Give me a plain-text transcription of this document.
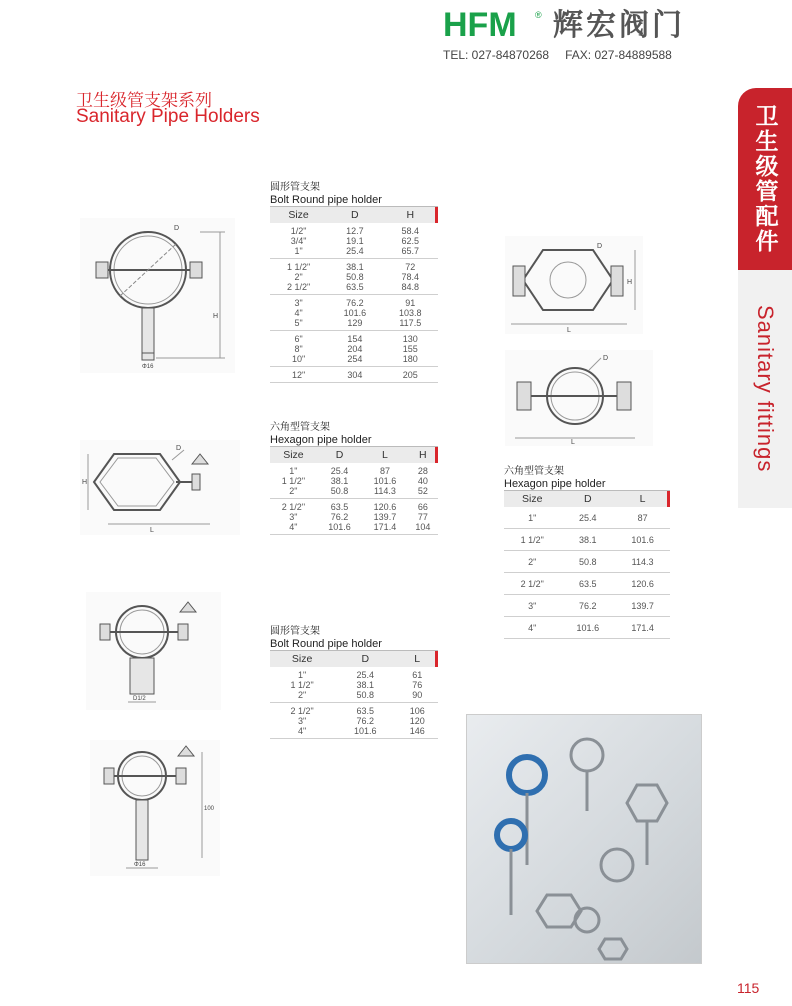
HFM ® 辉宏阀门
TEL: 027-84870268 FAX: 027-84889588
卫生级管支架系列
Sanitary Pipe Holders	卫生级管配件
Sanitary fittings
D
H
Φ16
D
H
L
D1/2
100
Φ16
D
H
L
D
L
圆形管支架
Bolt Round pipe holder
Size	D	H
1/2"	12.7	58.4
3/4"	19.1	62.5
1"	25.4	65.7
1 1/2"	38.1	72
2"	50.8	78.4
2 1/2"	63.5	84.8
3"	76.2	91
4"	101.6	103.8
5"	129	117.5
6"	154	130
8"	204	155
10"	254	180
12"	304	205
六角型管支架
Hexagon pipe holder
Size	D	L	H
1"	25.4	87	28
1 1/2"	38.1	101.6	40
2"	50.8	114.3	52
2 1/2"	63.5	120.6	66
3"	76.2	139.7	77
4"	101.6	171.4	104
圆形管支架
Bolt Round pipe holder
Size	D	L
1"	25.4	61
1 1/2"	38.1	76
2"	50.8	90
2 1/2"	63.5	106
3"	76.2	120
4"	101.6	146
六角型管支架
Hexagon pipe holder
Size	D	L
1"	25.4	87
1 1/2"	38.1	101.6
2"	50.8	114.3
2 1/2"	63.5	120.6
3"	76.2	139.7
4"	101.6	171.4
115
